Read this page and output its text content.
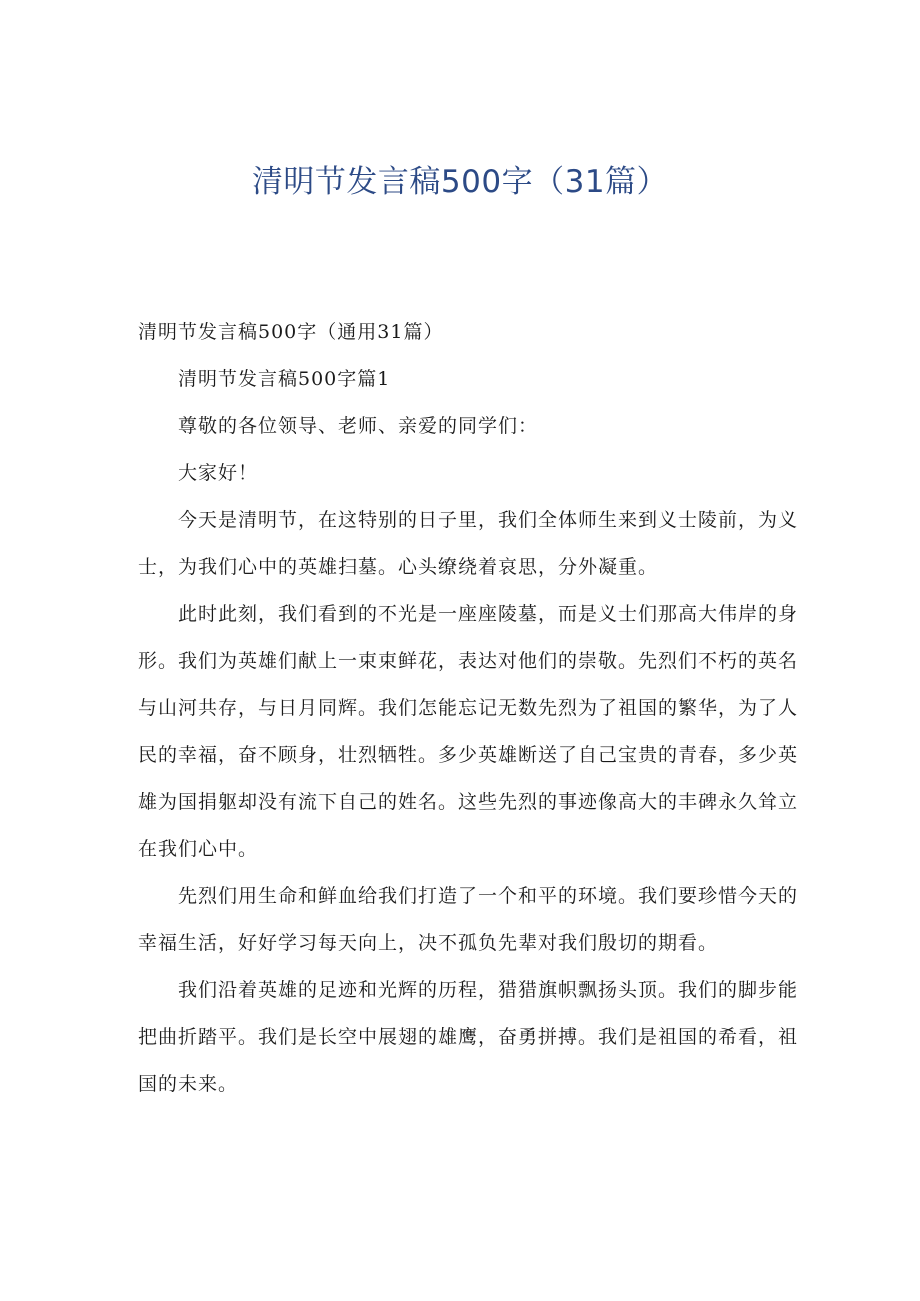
清明节发言稿500字（31篇）

清明节发言稿500字（通用31篇）

清明节发言稿500字篇1

尊敬的各位领导、老师、亲爱的同学们：

大家好！

今天是清明节，在这特别的日子里，我们全体师生来到义士陵前，为义士，为我们心中的英雄扫墓。心头缭绕着哀思，分外凝重。

此时此刻，我们看到的不光是一座座陵墓，而是义士们那高大伟岸的身形。我们为英雄们献上一束束鲜花，表达对他们的崇敬。先烈们不朽的英名与山河共存，与日月同辉。我们怎能忘记无数先烈为了祖国的繁华，为了人民的幸福，奋不顾身，壮烈牺牲。多少英雄断送了自己宝贵的青春，多少英雄为国捐躯却没有流下自己的姓名。这些先烈的事迹像高大的丰碑永久耸立在我们心中。

先烈们用生命和鲜血给我们打造了一个和平的环境。我们要珍惜今天的幸福生活，好好学习每天向上，决不孤负先辈对我们殷切的期看。

我们沿着英雄的足迹和光辉的历程，猎猎旗帜飘扬头顶。我们的脚步能把曲折踏平。我们是长空中展翅的雄鹰，奋勇拼搏。我们是祖国的希看，祖国的未来。
